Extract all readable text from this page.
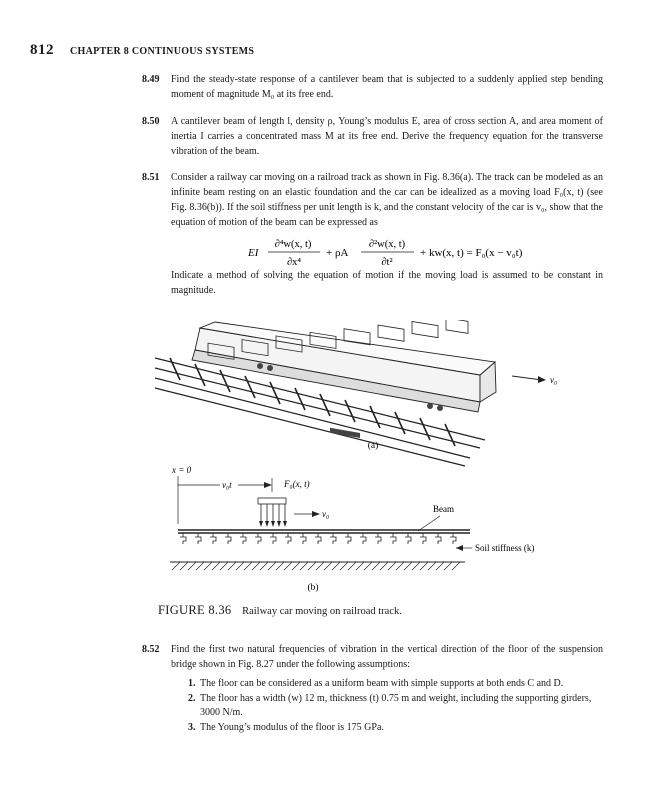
812 CHAPTER 8 CONTINUOUS SYSTEMS
8.49 Find the steady-state response of a cantilever beam that is subjected to a suddenly applied step bending moment of magnitude M₀ at its free end.
8.50 A cantilever beam of length l, density ρ, Young’s modulus E, area of cross section A, and area moment of inertia I carries a concentrated mass M at its free end. Derive the frequency equation for the transverse vibration of the beam.
8.51 Consider a railway car moving on a railroad track as shown in Fig. 8.36(a). The track can be modeled as an infinite beam resting on an elastic foundation and the car can be idealized as a moving load F₀(x, t) (see Fig. 8.36(b)). If the soil stiffness per unit length is k, and the constant velocity of the car is v₀, show that the equation of motion of the beam can be expressed as
EI
∂⁴w(x, t)
∂x⁴
+ ρA
∂²w(x, t)
∂t²
+ kw(x, t) = F₀(x − v₀t)
Indicate a method of solving the equation of motion if the moving load is assumed to be constant in magnitude.
v₀
(a)
x = 0
v₀t	F₀(x, t)
v₀	Beam
Soil stiffness (k)
(b)
FIGURE 8.36 Railway car moving on railroad track.
8.52 Find the first two natural frequencies of vibration in the vertical direction of the floor of the suspension bridge shown in Fig. 8.27 under the following assumptions:
1. The floor can be considered as a uniform beam with simple supports at both ends C and D.
2. The floor has a width (w) 12 m, thickness (t) 0.75 m and weight, including the supporting girders, 3000 N/m.
3. The Young’s modulus of the floor is 175 GPa.
